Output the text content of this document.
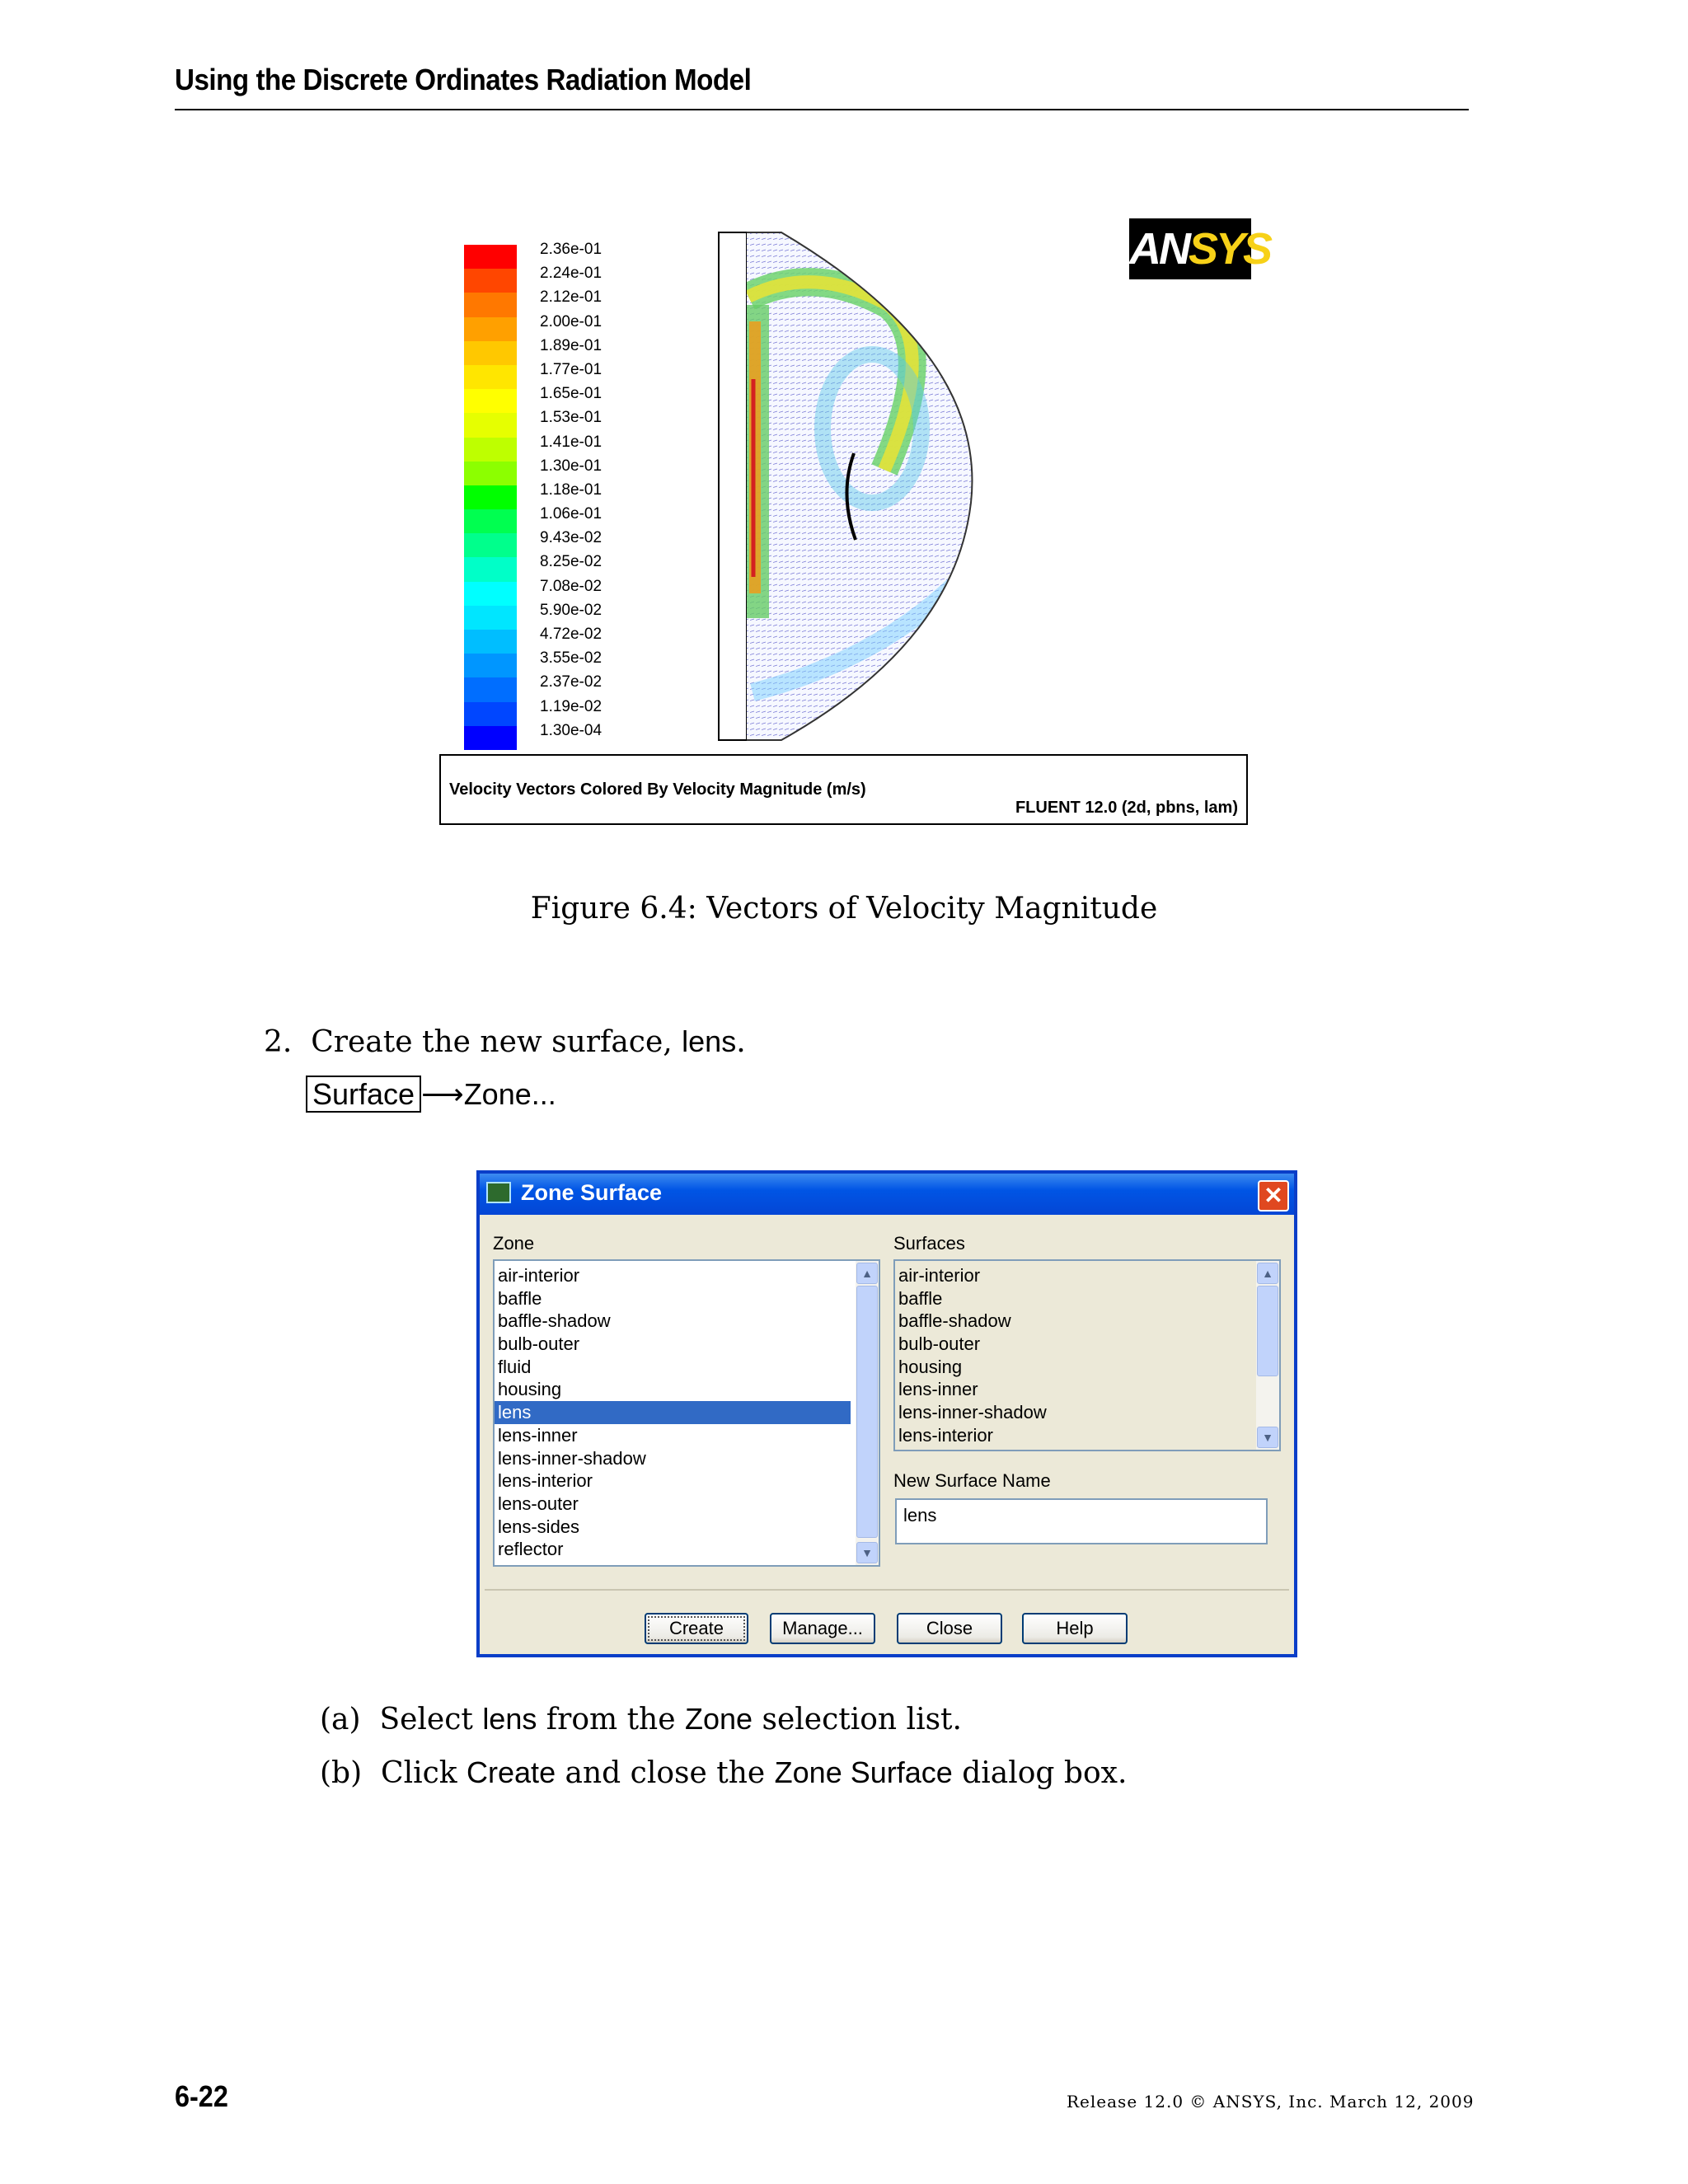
Using the Discrete Ordinates Radiation Model
2.36e-01
2.24e-01
2.12e-01
2.00e-01
1.89e-01
1.77e-01
1.65e-01
1.53e-01
1.41e-01
1.30e-01
1.18e-01
1.06e-01
9.43e-02
8.25e-02
7.08e-02
5.90e-02
4.72e-02
3.55e-02
2.37e-02
1.19e-02
1.30e-04
ANSYS
Velocity Vectors Colored By Velocity Magnitude (m/s)
FLUENT 12.0 (2d, pbns, lam)
Figure 6.4: Vectors of Velocity Magnitude
2. Create the new surface, lens.
Surface ⟶Zone...
Zone Surface	✕
Zone
air-interior
baffle
baffle-shadow
bulb-outer
fluid
housing
lens
lens-inner
lens-inner-shadow
lens-interior
lens-outer
lens-sides
reflector
▲
▼
Surfaces
air-interior
baffle
baffle-shadow
bulb-outer
housing
lens-inner
lens-inner-shadow
lens-interior
▲
▼
New Surface Name
lens
Create	Manage...	Close	Help
(a) Select lens from the Zone selection list.
(b) Click Create and close the Zone Surface dialog box.
6-22	Release 12.0 © ANSYS, Inc. March 12, 2009
